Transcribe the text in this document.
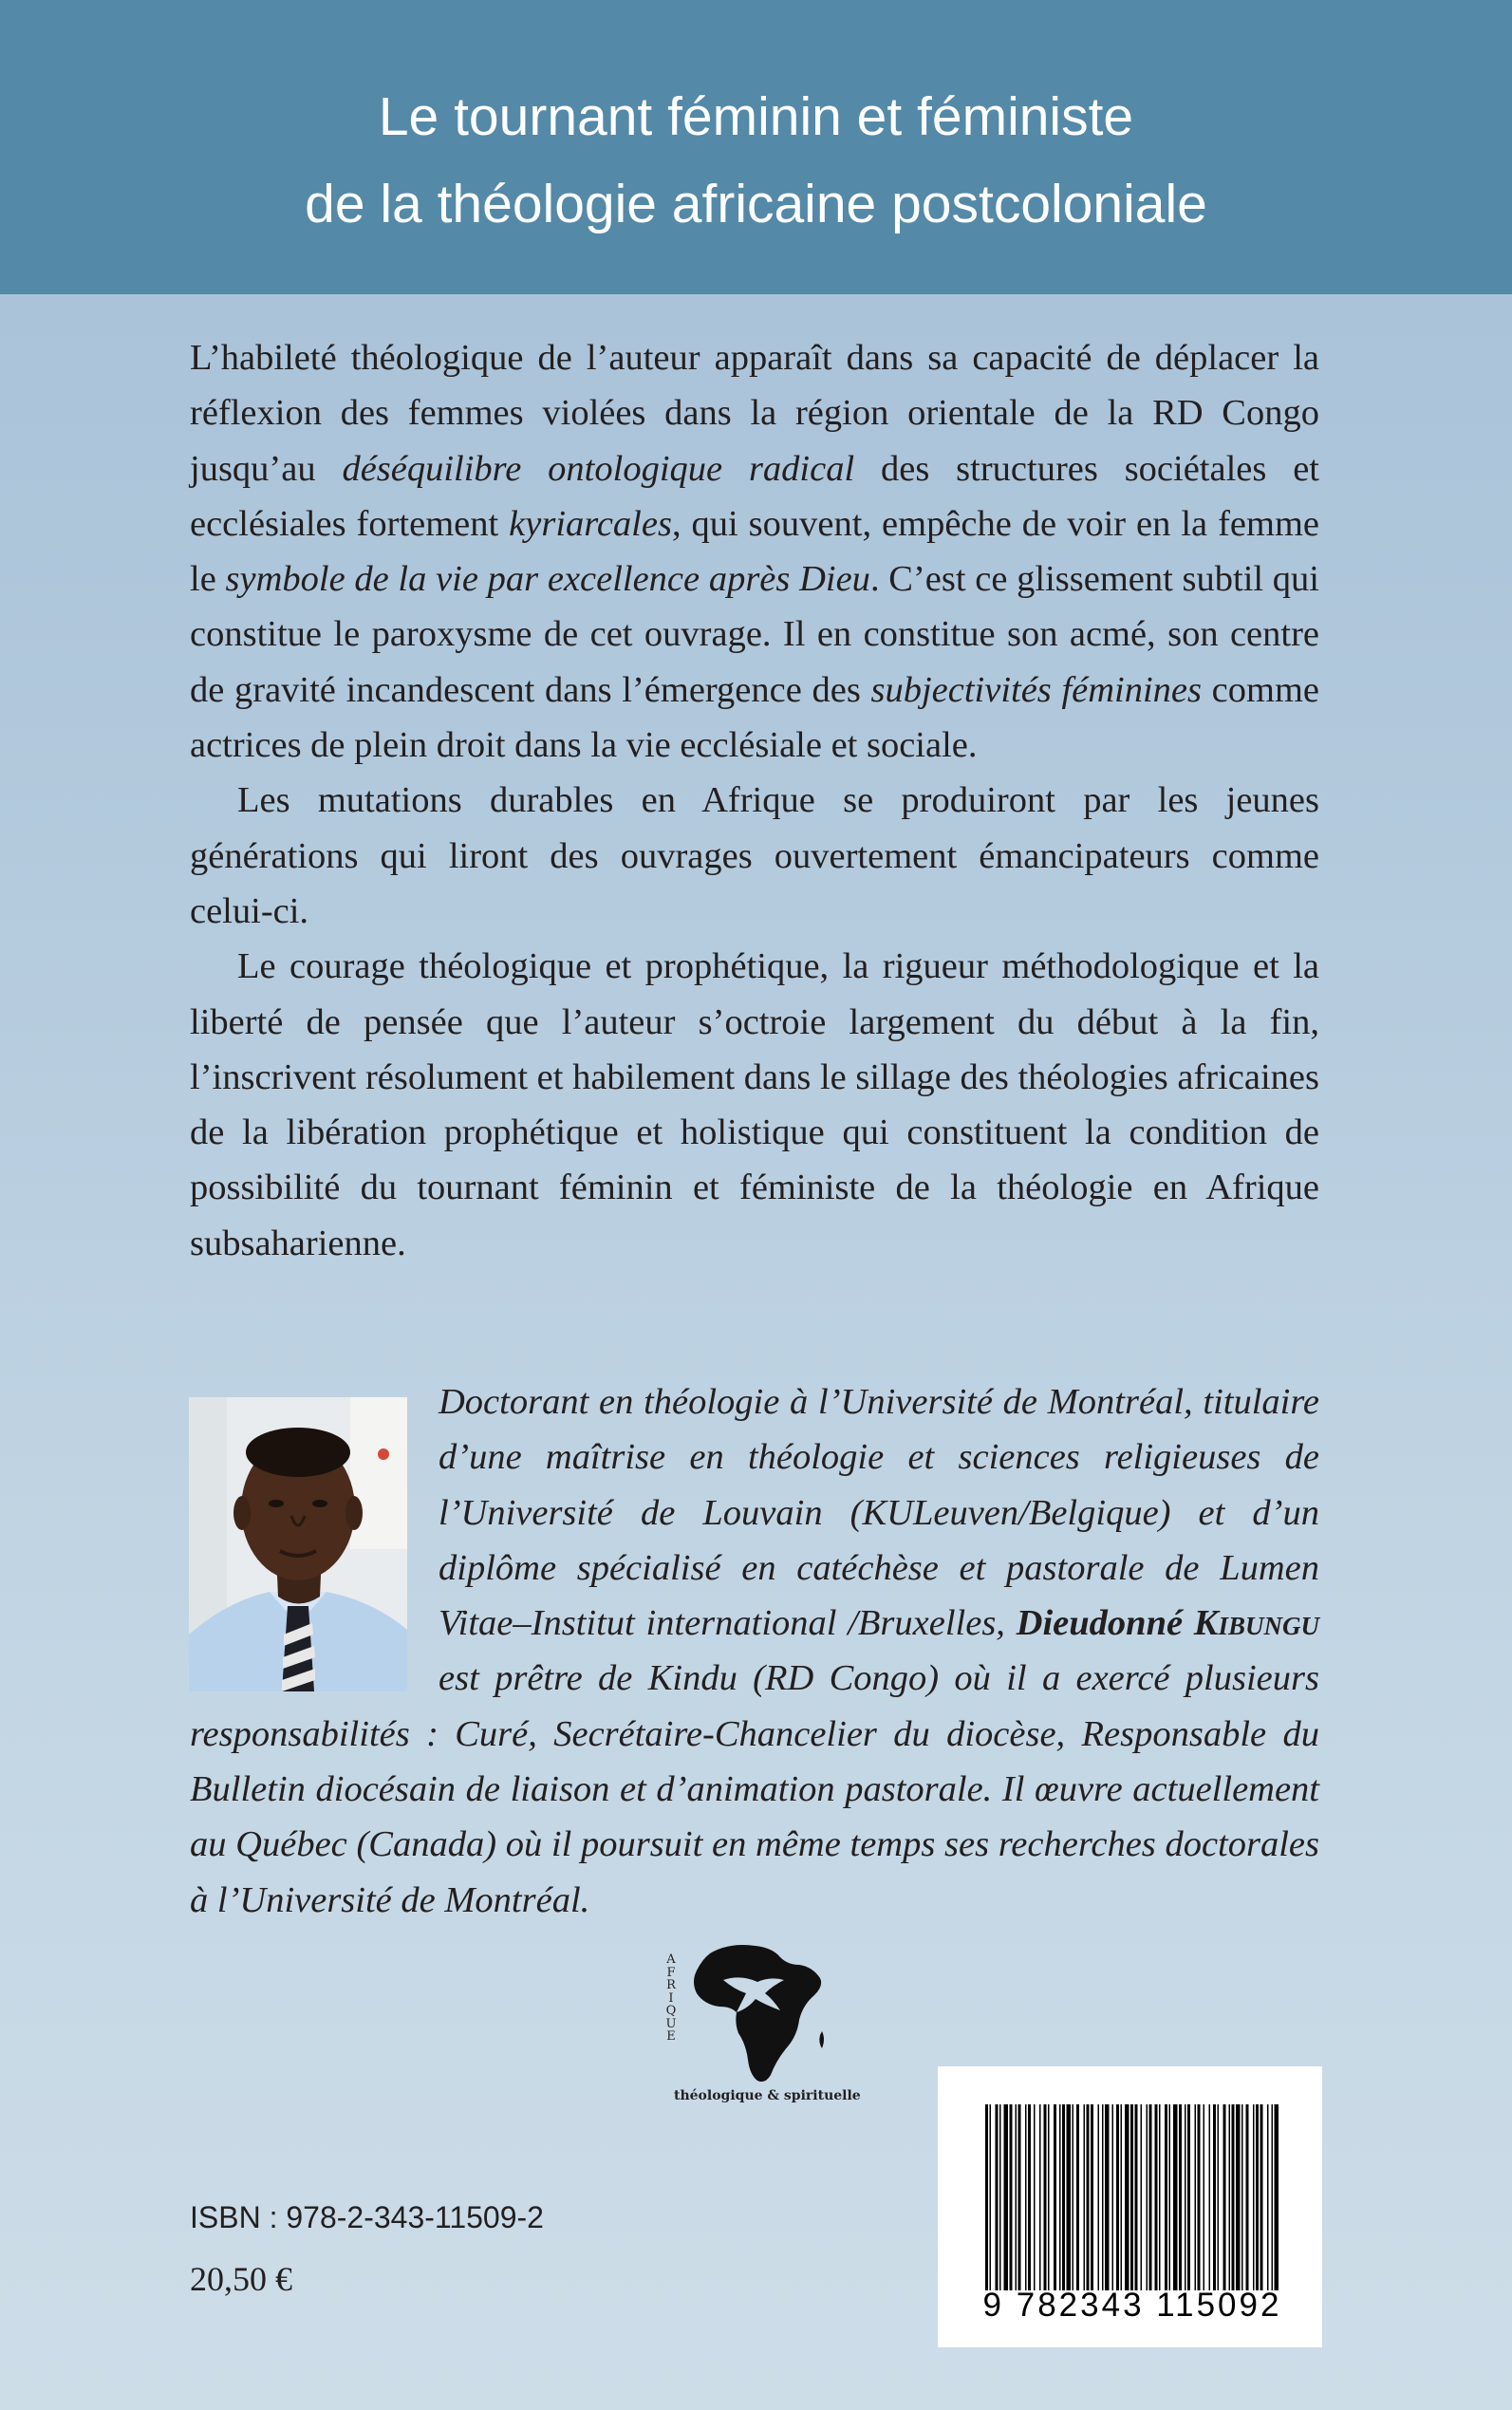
Le tournant féminin et féministe
de la théologie africaine postcoloniale

L’habileté théologique de l’auteur apparaît dans sa capacité de déplacer la réflexion des femmes violées dans la région orientale de la RD Congo jusqu’au déséquilibre ontologique radical des structures sociétales et ecclésiales fortement kyriarcales, qui souvent, empêche de voir en la femme le symbole de la vie par excellence après Dieu. C’est ce glissement subtil qui constitue le paroxysme de cet ouvrage. Il en constitue son acmé, son centre de gravité incandescent dans l’émergence des subjectivités féminines comme actrices de plein droit dans la vie ecclésiale et sociale.

Les mutations durables en Afrique se produiront par les jeunes générations qui liront des ouvrages ouvertement émancipateurs comme celui-ci.

Le courage théologique et prophétique, la rigueur méthodologique et la liberté de pensée que l’auteur s’octroie largement du début à la fin, l’inscrivent résolument et habilement dans le sillage des théologies africaines de la libération prophétique et holistique qui constituent la condition de possibilité du tournant féminin et féministe de la théologie en Afrique subsaharienne.

Doctorant en théologie à l’Université de Montréal, titulaire d’une maîtrise en théologie et sciences religieuses de l’Université de Louvain (KULeuven/Belgique) et d’un diplôme spécialisé en catéchèse et pastorale de Lumen Vitae–Institut international /Bruxelles, Dieudonné Kibungu est prêtre de Kindu (RD Congo) où il a exercé plusieurs responsabilités : Curé, Secrétaire-Chancelier du diocèse, Responsable du Bulletin diocésain de liaison et d’animation pastorale. Il œuvre actuellement au Québec (Canada) où il poursuit en même temps ses recherches doctorales à l’Université de Montréal.

A
F
R
I
Q
U
E
théologique & spirituelle
9 782343 115092
ISBN : 978-2-343-11509-2
20,50 €
